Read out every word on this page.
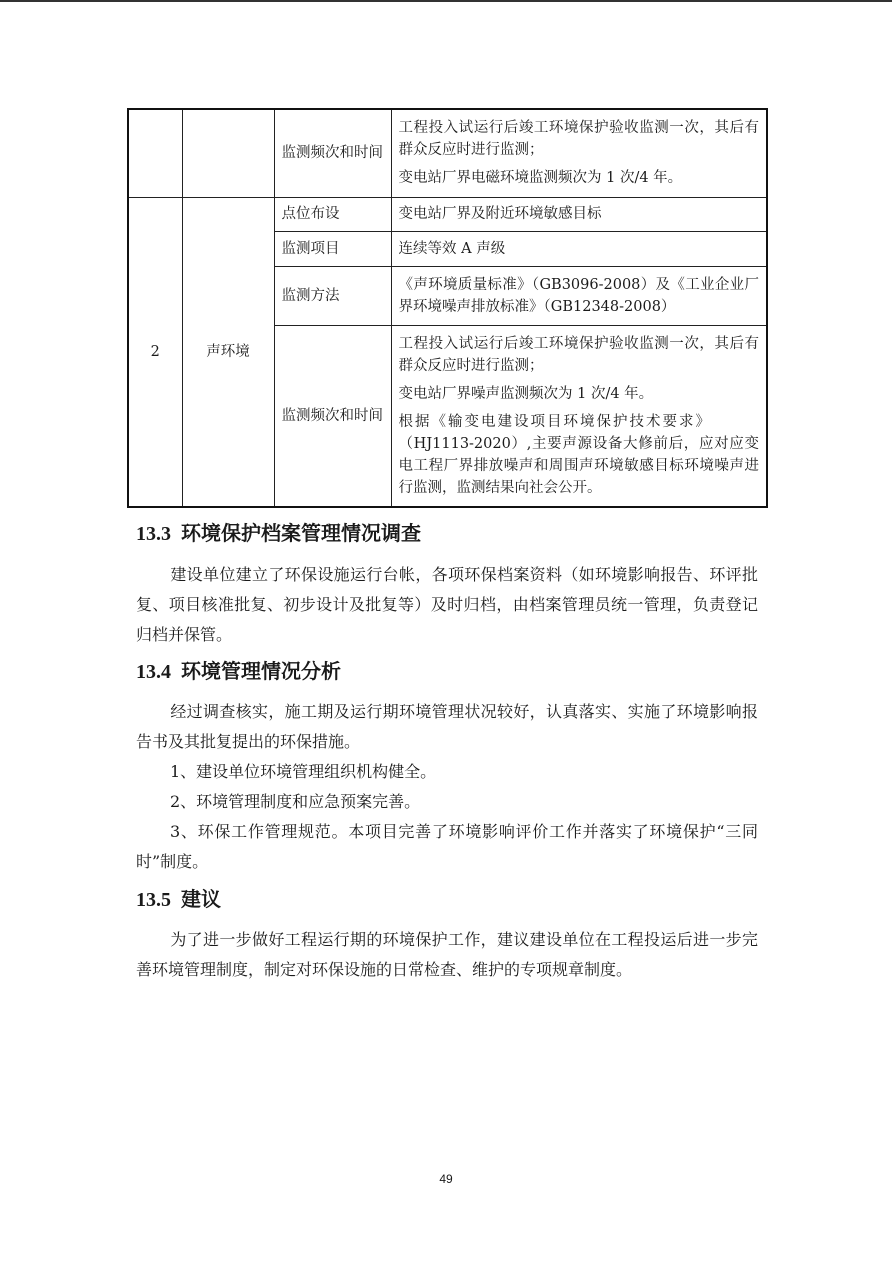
		监测频次和时间	工程投入试运行后竣工环境保护验收监测一次，其后有群众反应时进行监测；

变电站厂界电磁环境监测频次为 1 次/4 年。

2	声环境	点位布设	变电站厂界及附近环境敏感目标
		监测项目	连续等效 A 声级
		监测方法	《声环境质量标准》（GB3096-2008）及《工业企业厂界环境噪声排放标准》（GB12348-2008）

		监测频次和时间	工程投入试运行后竣工环境保护验收监测一次，其后有群众反应时进行监测；

变电站厂界噪声监测频次为 1 次/4 年。

根据《输变电建设项目环境保护技术要求》

（HJ1113-2020）,主要声源设备大修前后，应对应变电工程厂界排放噪声和周围声环境敏感目标环境噪声进行监测，监测结果向社会公开。

13.3 环境保护档案管理情况调查
建设单位建立了环保设施运行台帐，各项环保档案资料（如环境影响报告、环评批复、项目核准批复、初步设计及批复等）及时归档，由档案管理员统一管理，负责登记归档并保管。
13.4 环境管理情况分析
经过调查核实，施工期及运行期环境管理状况较好，认真落实、实施了环境影响报告书及其批复提出的环保措施。
1、建设单位环境管理组织机构健全。
2、环境管理制度和应急预案完善。
3、环保工作管理规范。本项目完善了环境影响评价工作并落实了环境保护“三同时”制度。
13.5 建议
为了进一步做好工程运行期的环境保护工作，建议建设单位在工程投运后进一步完善环境管理制度，制定对环保设施的日常检查、维护的专项规章制度。
49
